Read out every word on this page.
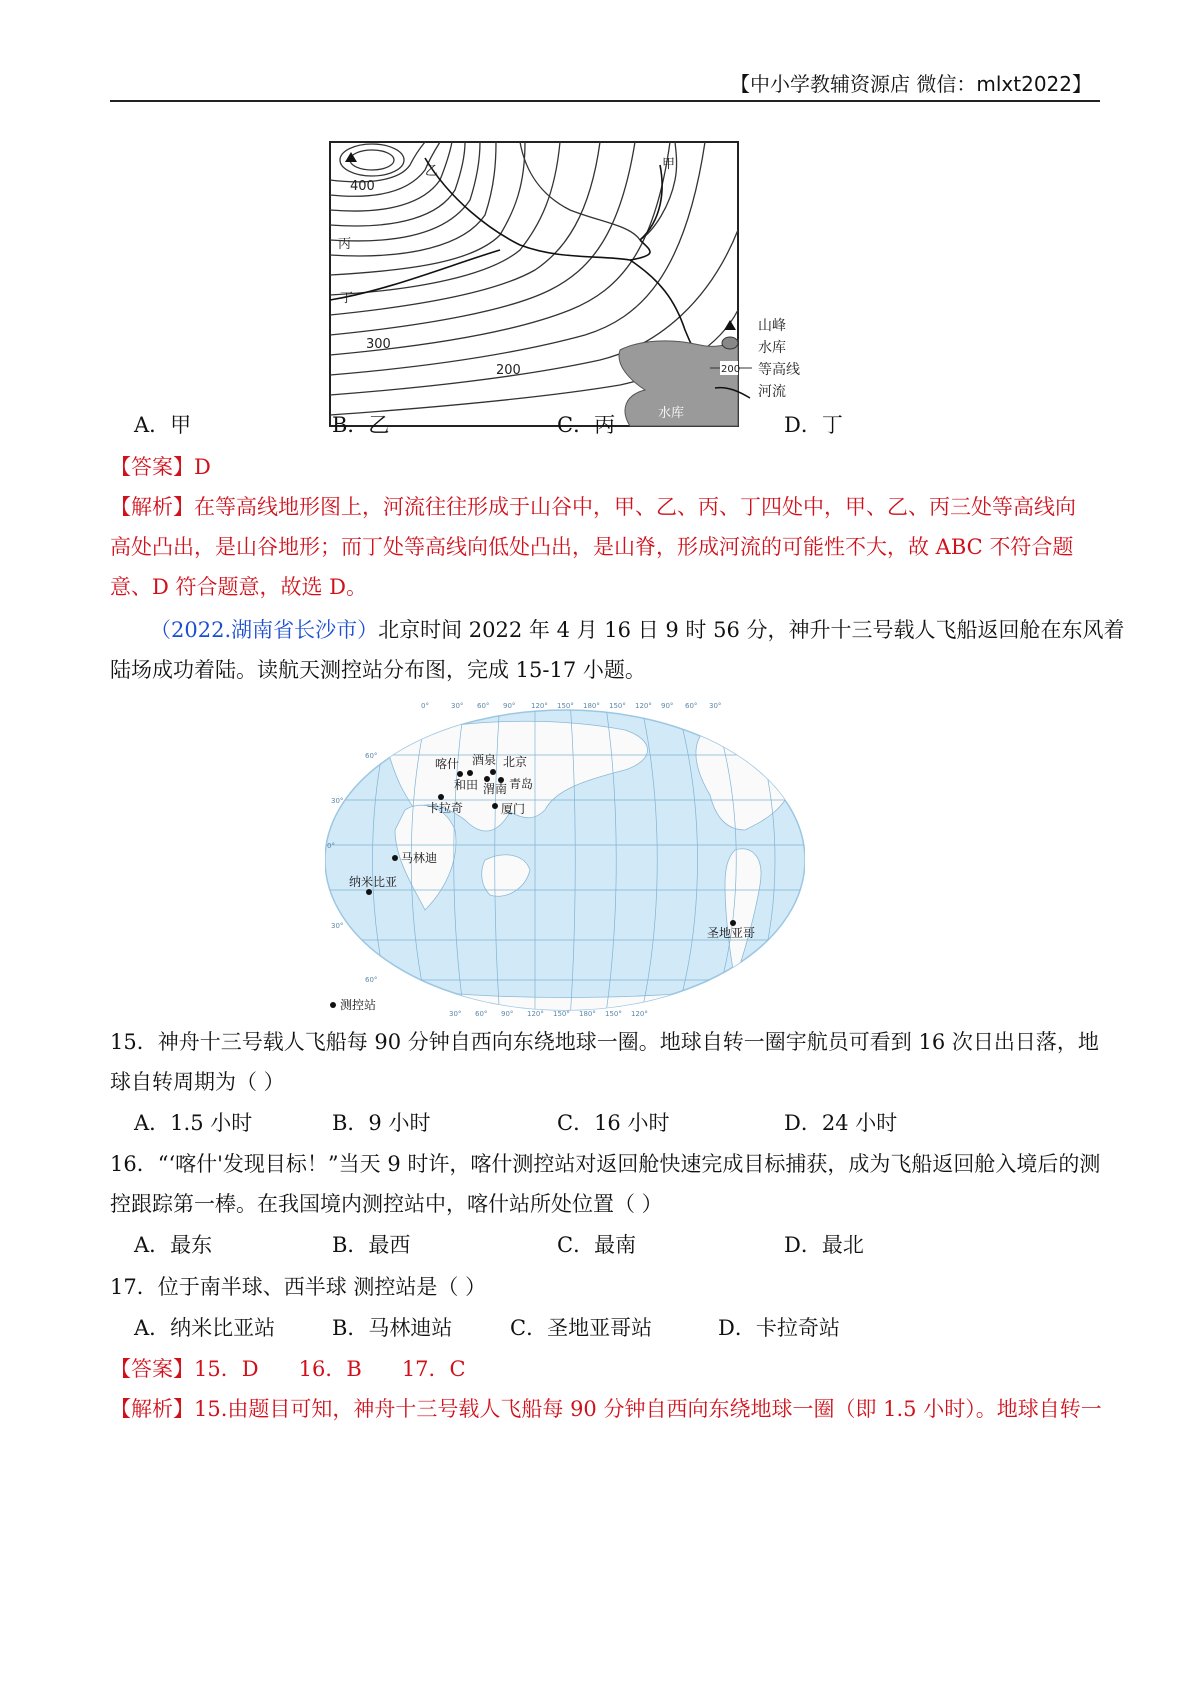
【中小学教辅资源店 微信：mlxt2022】
乙	甲
丙
丁
400
300
200
水库
山峰
水库
200 等高线
河流
A．甲	B．乙	C．丙	D．丁
【答案】D
【解析】在等高线地形图上，河流往往形成于山谷中，甲、乙、丙、丁四处中，甲、乙、丙三处等高线向
高处凸出，是山谷地形；而丁处等高线向低处凸出，是山脊，形成河流的可能性不大，故 ABC 不符合题
意、D 符合题意，故选 D。
（2022.湖南省长沙市）北京时间 2022 年 4 月 16 日 9 时 56 分，神升十三号载人飞船返回舱在东风着
陆场成功着陆。读航天测控站分布图，完成 15-17 小题。
0°	30° 60° 90° 120° 150° 180° 150° 120° 90° 60° 30°
30° 60° 90° 120° 150° 180° 150° 120°
60°
30°
0°
30°
60°
喀什 酒泉 北京
和田 渭南 青岛
卡拉奇	厦门
马林迪
纳米比亚
圣地亚哥
测控站
15．神舟十三号载人飞船每 90 分钟自西向东绕地球一圈。地球自转一圈宇航员可看到 16 次日出日落，地
球自转周期为（ ）
A．1.5 小时	B．9 小时	C．16 小时	D．24 小时
16．“‘喀什'发现目标！”当天 9 时许，喀什测控站对返回舱快速完成目标捕获，成为飞船返回舱入境后的测
控跟踪第一棒。在我国境内测控站中，喀什站所处位置（ ）
A．最东	B．最西	C．最南	D．最北
17．位于南半球、西半球 测控站是（ ）
A．纳米比亚站	B．马林迪站	C．圣地亚哥站	D．卡拉奇站
【答案】15．D      16．B      17．C
【解析】15.由题目可知，神舟十三号载人飞船每 90 分钟自西向东绕地球一圈（即 1.5 小时）。地球自转一
